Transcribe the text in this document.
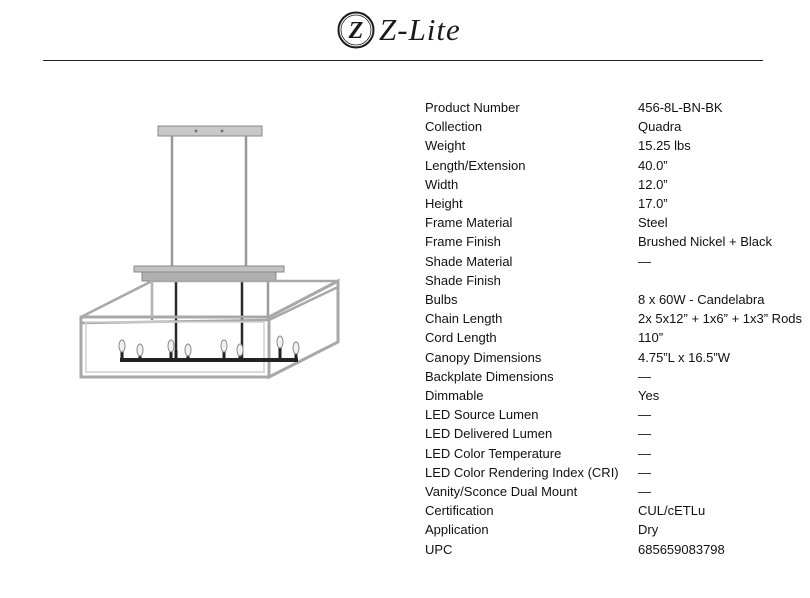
Z Z-Lite
Product Number	456-8L-BN-BK
Collection	Quadra
Weight	15.25 lbs
Length/Extension	40.0”
Width	12.0”
Height	17.0”
Frame Material	Steel
Frame Finish	Brushed Nickel + Black
Shade Material	—
Shade Finish	
Bulbs	8 x 60W - Candelabra
Chain Length	2x 5x12” + 1x6” + 1x3” Rods
Cord Length	110”
Canopy Dimensions	4.75”L x 16.5”W
Backplate Dimensions	—
Dimmable	Yes
LED Source Lumen	—
LED Delivered Lumen	—
LED Color Temperature	—
LED Color Rendering Index (CRI)	—
Vanity/Sconce Dual Mount	—
Certification	CUL/cETLu
Application	Dry
UPC	685659083798
